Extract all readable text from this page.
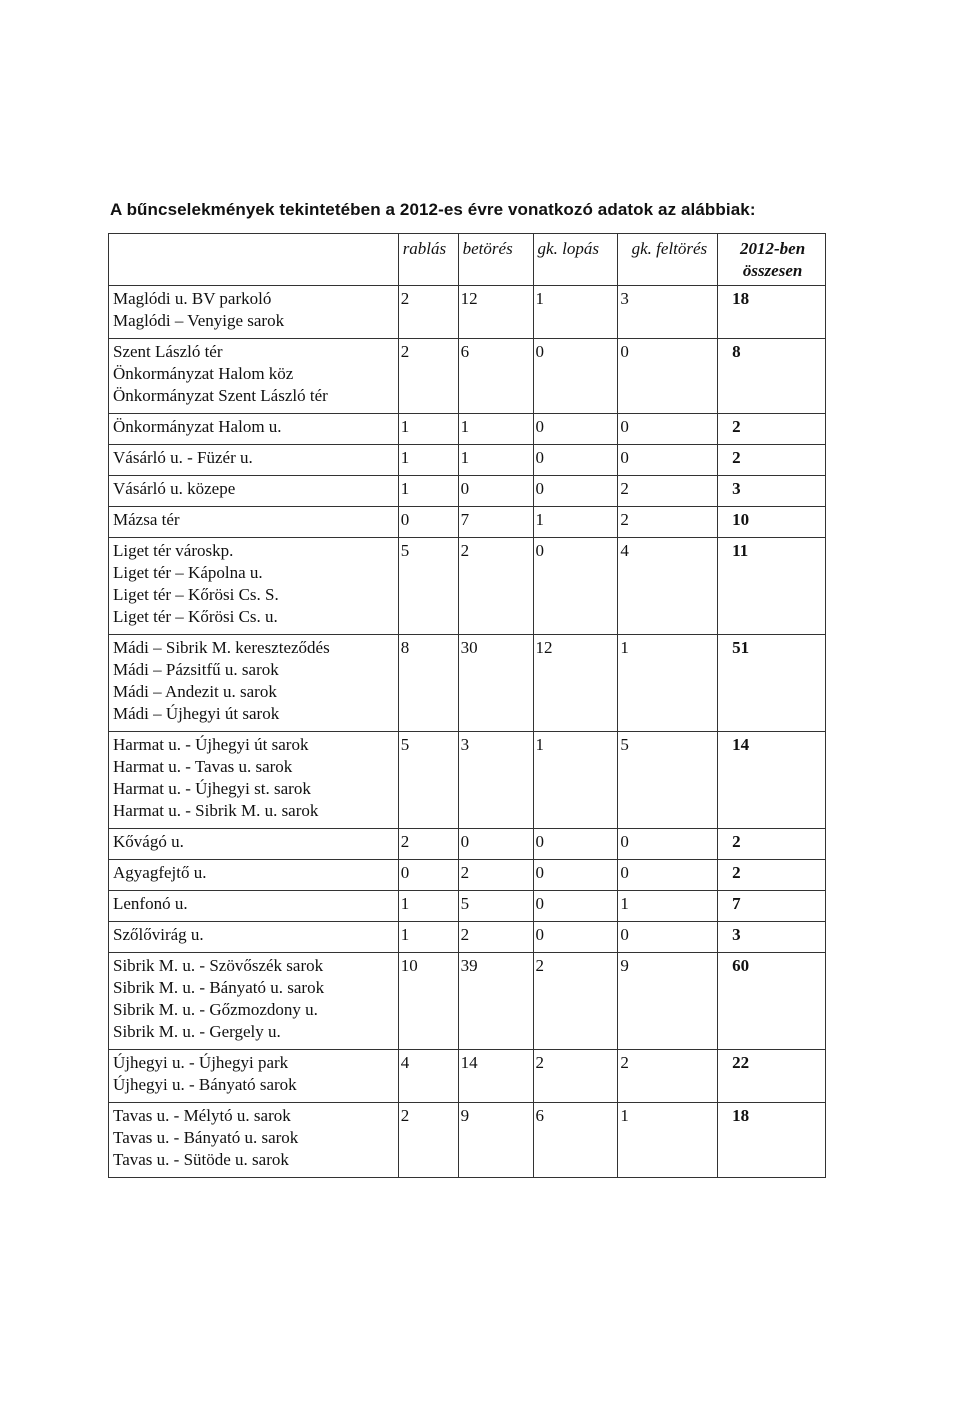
A bűncselekmények tekintetében a 2012-es évre vonatkozó adatok az alábbiak:
	rablás	betörés	gk. lopás	gk. feltörés	2012-ben összesen

Maglódi u. BV parkoló
Maglódi – Venyige sarok	2	12	1	3	18

Szent László tér
Önkormányzat Halom köz
Önkormányzat Szent László tér	2	6	0	0	8

Önkormányzat Halom u.	1	1	0	0	2

Vásárló u. - Füzér u.	1	1	0	0	2

Vásárló u. közepe	1	0	0	2	3

Mázsa tér	0	7	1	2	10

Liget tér városkp.
Liget tér – Kápolna u.
Liget tér – Kőrösi Cs. S.
Liget tér – Kőrösi Cs. u.	5	2	0	4	11

Mádi – Sibrik M. kereszteződés
Mádi – Pázsitfű u. sarok
Mádi – Andezit u. sarok
Mádi – Újhegyi út sarok	8	30	12	1	51

Harmat u. - Újhegyi út sarok
Harmat u. - Tavas u. sarok
Harmat u. - Újhegyi st. sarok
Harmat u. - Sibrik M. u. sarok	5	3	1	5	14

Kővágó u.	2	0	0	0	2

Agyagfejtő u.	0	2	0	0	2

Lenfonó u.	1	5	0	1	7

Szőlővirág u.	1	2	0	0	3

Sibrik M. u. - Szövőszék sarok
Sibrik M. u. - Bányató u. sarok
Sibrik M. u. - Gőzmozdony u.
Sibrik M. u. - Gergely u.	10	39	2	9	60

Újhegyi u. - Újhegyi park
Újhegyi u. - Bányató sarok	4	14	2	2	22

Tavas u. - Mélytó u. sarok
Tavas u. - Bányató u. sarok
Tavas u. - Sütöde u. sarok	2	9	6	1	18
